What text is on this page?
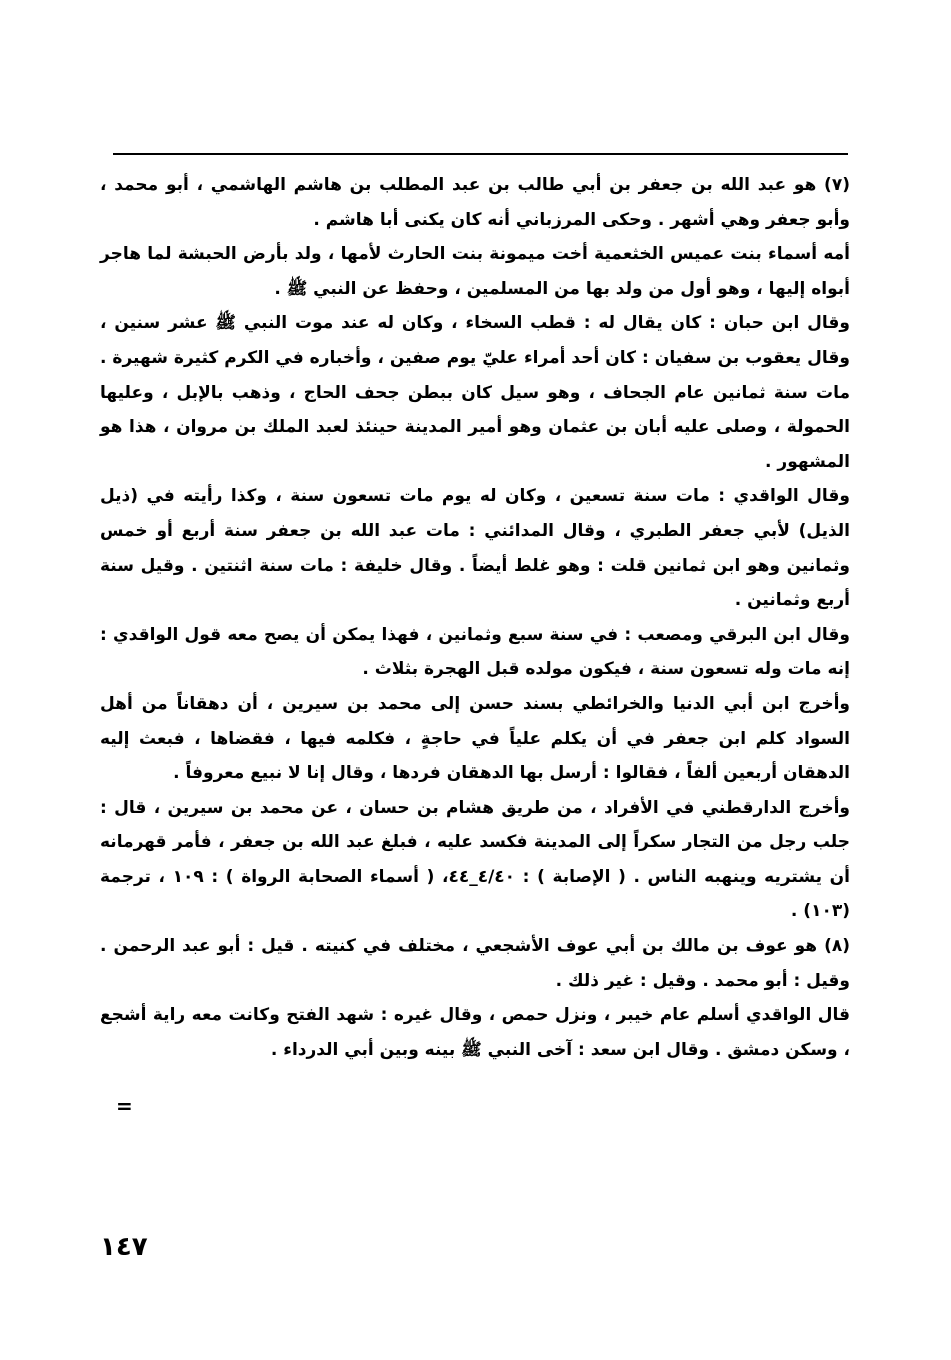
(٧) هو عبد الله بن جعفر بن أبي طالب بن عبد المطلب بن هاشم الهاشمي ، أبو محمد ، وأبو جعفر وهي أشهر . وحكى المرزباني أنه كان يكنى أبا هاشم .

أمه أسماء بنت عميس الخثعمية أخت ميمونة بنت الحارث لأمها ، ولد بأرض الحبشة لما هاجر أبواه إليها ، وهو أول من ولد بها من المسلمين ، وحفظ عن النبي ﷺ .

وقال ابن حبان : كان يقال له : قطب السخاء ، وكان له عند موت النبي ﷺ عشر سنين ، وقال يعقوب بن سفيان : كان أحد أمراء عليّ يوم صفين ، وأخباره في الكرم كثيرة شهيرة . مات سنة ثمانين عام الجحاف ، وهو سيل كان ببطن جحف الحاج ، وذهب بالإبل ، وعليها الحمولة ، وصلى عليه أبان بن عثمان وهو أمير المدينة حينئذ لعبد الملك بن مروان ، هذا هو المشهور .

وقال الواقدي : مات سنة تسعين ، وكان له يوم مات تسعون سنة ، وكذا رأيته في (ذيل الذيل) لأبي جعفر الطبري ، وقال المدائني : مات عبد الله بن جعفر سنة أربع أو خمس وثمانين وهو ابن ثمانين قلت : وهو غلط أيضاً . وقال خليفة : مات سنة اثنتين . وقيل سنة أربع وثمانين .

وقال ابن البرقي ومصعب : في سنة سبع وثمانين ، فهذا يمكن أن يصح معه قول الواقدي : إنه مات وله تسعون سنة ، فيكون مولده قبل الهجرة بثلاث .

وأخرج ابن أبي الدنيا والخرائطي بسند حسن إلى محمد بن سيرين ، أن دهقاناً من أهل السواد كلم ابن جعفر في أن يكلم علياً في حاجةٍ ، فكلمه فيها ، فقضاها ، فبعث إليه الدهقان أربعين ألفاً ، فقالوا : أرسل بها الدهقان فردها ، وقال إنا لا نبيع معروفاً .

وأخرج الدارقطني في الأفراد ، من طريق هشام بن حسان ، عن محمد بن سيرين ، قال : جلب رجل من التجار سكراً إلى المدينة فكسد عليه ، فبلغ عبد الله بن جعفر ، فأمر قهرمانه أن يشتريه وينهبه الناس . ( الإصابة ) : ٤/٤٠_٤٤، ( أسماء الصحابة الرواة ) : ١٠٩ ، ترجمة (١٠٣) .

(٨) هو عوف بن مالك بن أبي عوف الأشجعي ، مختلف في كنيته . قيل : أبو عبد الرحمن . وقيل : أبو محمد . وقيل : غير ذلك .

قال الواقدي أسلم عام خيبر ، ونزل حمص ، وقال غيره : شهد الفتح وكانت معه راية أشجع ، وسكن دمشق . وقال ابن سعد : آخى النبي ﷺ بينه وبين أبي الدرداء .

=
١٤٧
